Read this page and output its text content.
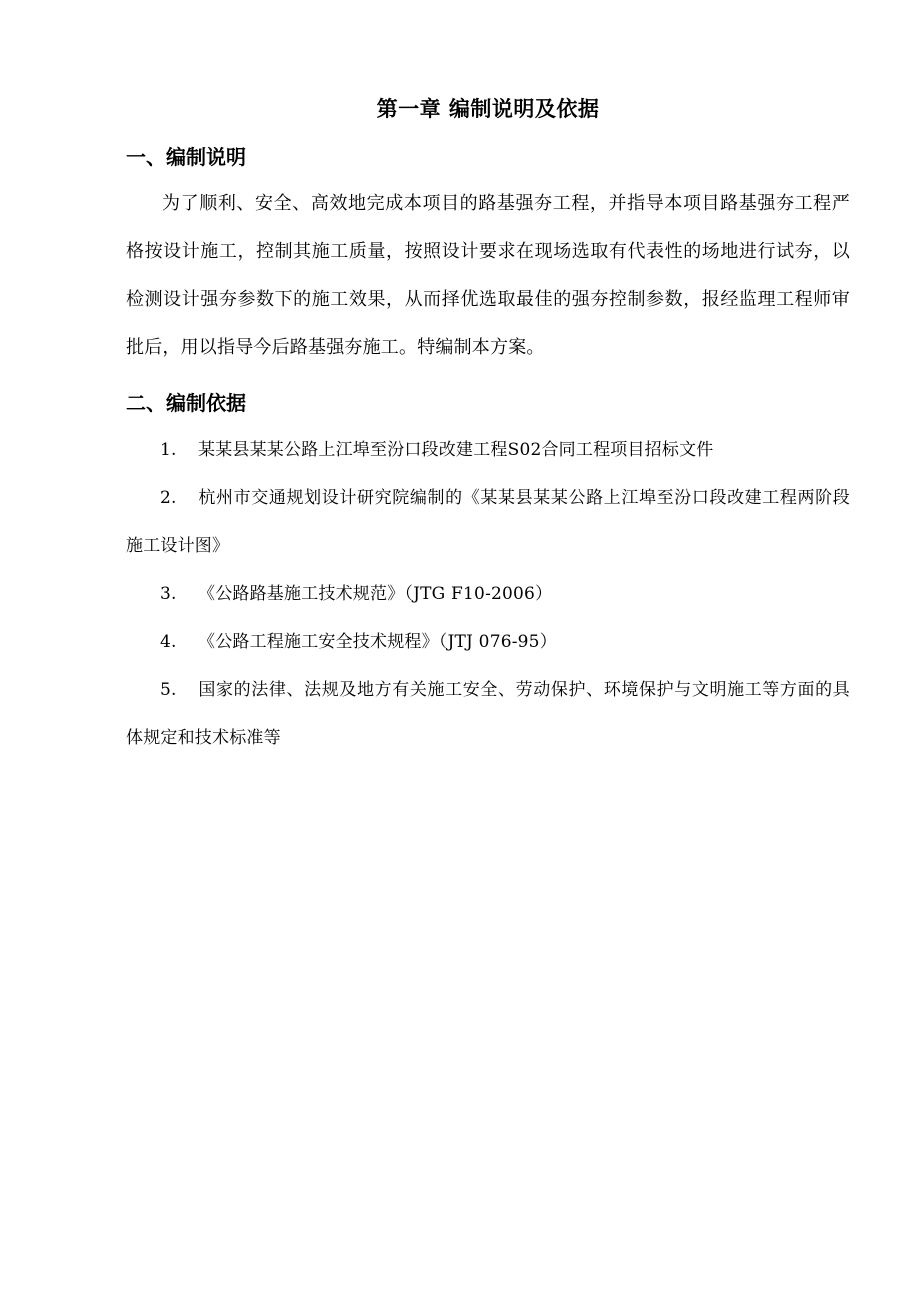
第一章 编制说明及依据
一、编制说明

为了顺利、安全、高效地完成本项目的路基强夯工程，并指导本项目路基强夯工程严格按设计施工，控制其施工质量，按照设计要求在现场选取有代表性的场地进行试夯，以检测设计强夯参数下的施工效果，从而择优选取最佳的强夯控制参数，报经监理工程师审批后，用以指导今后路基强夯施工。特编制本方案。

二、编制依据
1. 某某县某某公路上江埠至汾口段改建工程S02合同工程项目招标文件
2. 杭州市交通规划设计研究院编制的《某某县某某公路上江埠至汾口段改建工程两阶段施工设计图》
3. 《公路路基施工技术规范》（JTG F10-2006）
4. 《公路工程施工安全技术规程》（JTJ 076-95）
5. 国家的法律、法规及地方有关施工安全、劳动保护、环境保护与文明施工等方面的具体规定和技术标准等
